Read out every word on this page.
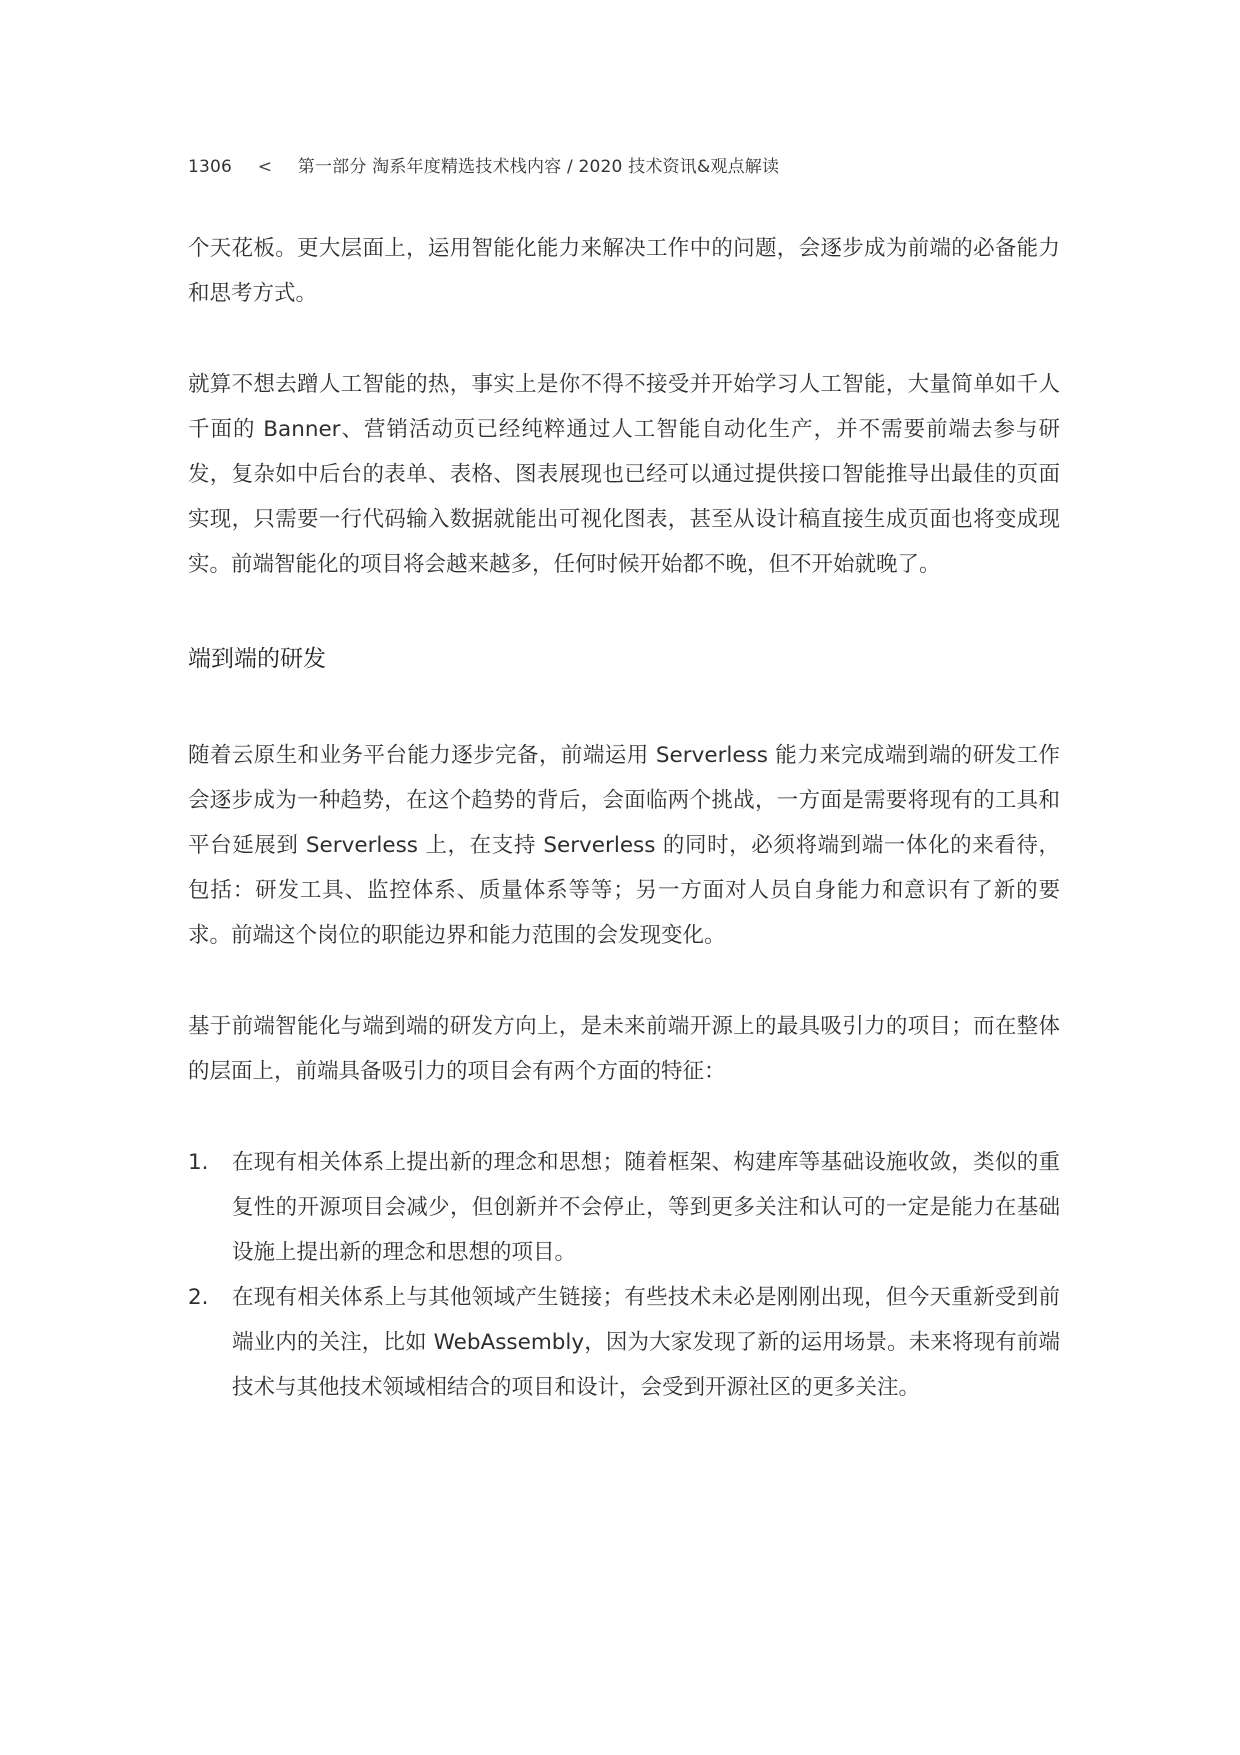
1306 < 第一部分 淘系年度精选技术栈内容 / 2020 技术资讯&观点解读

个天花板。更大层面上，运用智能化能力来解决工作中的问题，会逐步成为前端的必备能力和思考方式。

就算不想去蹭人工智能的热，事实上是你不得不接受并开始学习人工智能，大量简单如千人千面的 Banner、营销活动页已经纯粹通过人工智能自动化生产，并不需要前端去参与研发，复杂如中后台的表单、表格、图表展现也已经可以通过提供接口智能推导出最佳的页面实现，只需要一行代码输入数据就能出可视化图表，甚至从设计稿直接生成页面也将变成现实。前端智能化的项目将会越来越多，任何时候开始都不晚，但不开始就晚了。

端到端的研发

随着云原生和业务平台能力逐步完备，前端运用 Serverless 能力来完成端到端的研发工作会逐步成为一种趋势，在这个趋势的背后，会面临两个挑战，一方面是需要将现有的工具和平台延展到 Serverless 上，在支持 Serverless 的同时，必须将端到端一体化的来看待，包括：研发工具、监控体系、质量体系等等；另一方面对人员自身能力和意识有了新的要求。前端这个岗位的职能边界和能力范围的会发现变化。

基于前端智能化与端到端的研发方向上，是未来前端开源上的最具吸引力的项目；而在整体的层面上，前端具备吸引力的项目会有两个方面的特征：

1.	在现有相关体系上提出新的理念和思想；随着框架、构建库等基础设施收敛，类似的重复性的开源项目会减少，但创新并不会停止，等到更多关注和认可的一定是能力在基础设施上提出新的理念和思想的项目。
2.	在现有相关体系上与其他领域产生链接；有些技术未必是刚刚出现，但今天重新受到前端业内的关注，比如 WebAssembly，因为大家发现了新的运用场景。未来将现有前端技术与其他技术领域相结合的项目和设计，会受到开源社区的更多关注。
